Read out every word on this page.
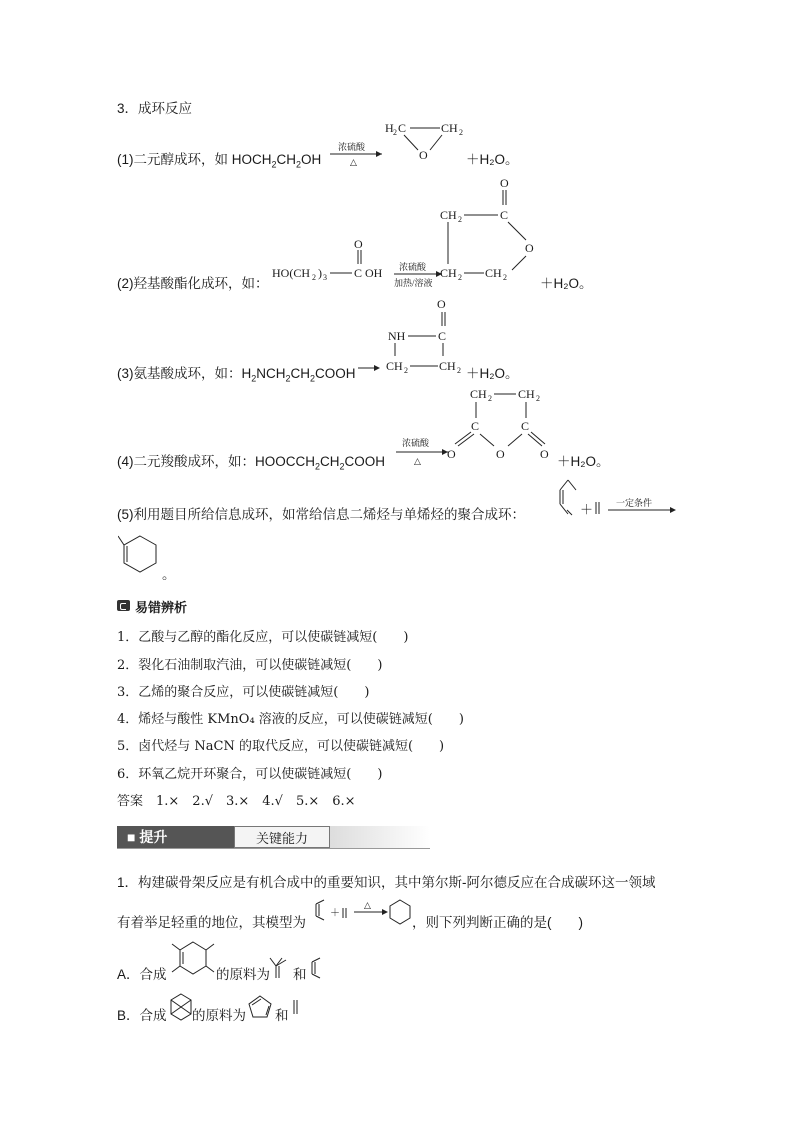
3．成环反应
(1)二元醇成环，如 $HOCH_2CH_2OH$
浓硫酸
△
H 2 C	CH 2
O	＋H₂O。
(2)羟基酸酯化成环，如：
HO(CH 2 ) 3 C
O
OH 浓硫酸
加热/溶液
CH 2	C
O
O
CH 2 CH 2 ＋H₂O。
(3)氨基酸成环，如：$H_2NCH_2CH_2COOH$
O
NH	C
CH 2	CH 2 ＋H₂O。
(4)二元羧酸成环，如：$HOOCCH_2CH_2COOH$
浓硫酸
△
CH 2 CH 2
C	C
O	O	O ＋H₂O。
(5)利用题目所给信息成环，如常给信息二烯烃与单烯烃的聚合成环：	＋	一定条件
。
易错辨析
1．乙酸与乙醇的酯化反应，可以使碳链减短(　　)
2．裂化石油制取汽油，可以使碳链减短(　　)
3．乙烯的聚合反应，可以使碳链减短(　　)
4．烯烃与酸性 KMnO₄ 溶液的反应，可以使碳链减短(　　)
5．卤代烃与 NaCN 的取代反应，可以使碳链减短(　　)
6．环氧乙烷开环聚合，可以使碳链减短(　　)
答案　1.×　2.√　3.×　4.√　5.×　6.×
■ 提升	关键能力
1．构建碳骨架反应是有机合成中的重要知识，其中第尔斯-阿尔德反应在合成碳环这一领域
有着举足轻重的地位，其模型为
＋
△
，则下列判断正确的是(　　)
A．合成	的原料为 和
B．合成 的原料为 和
